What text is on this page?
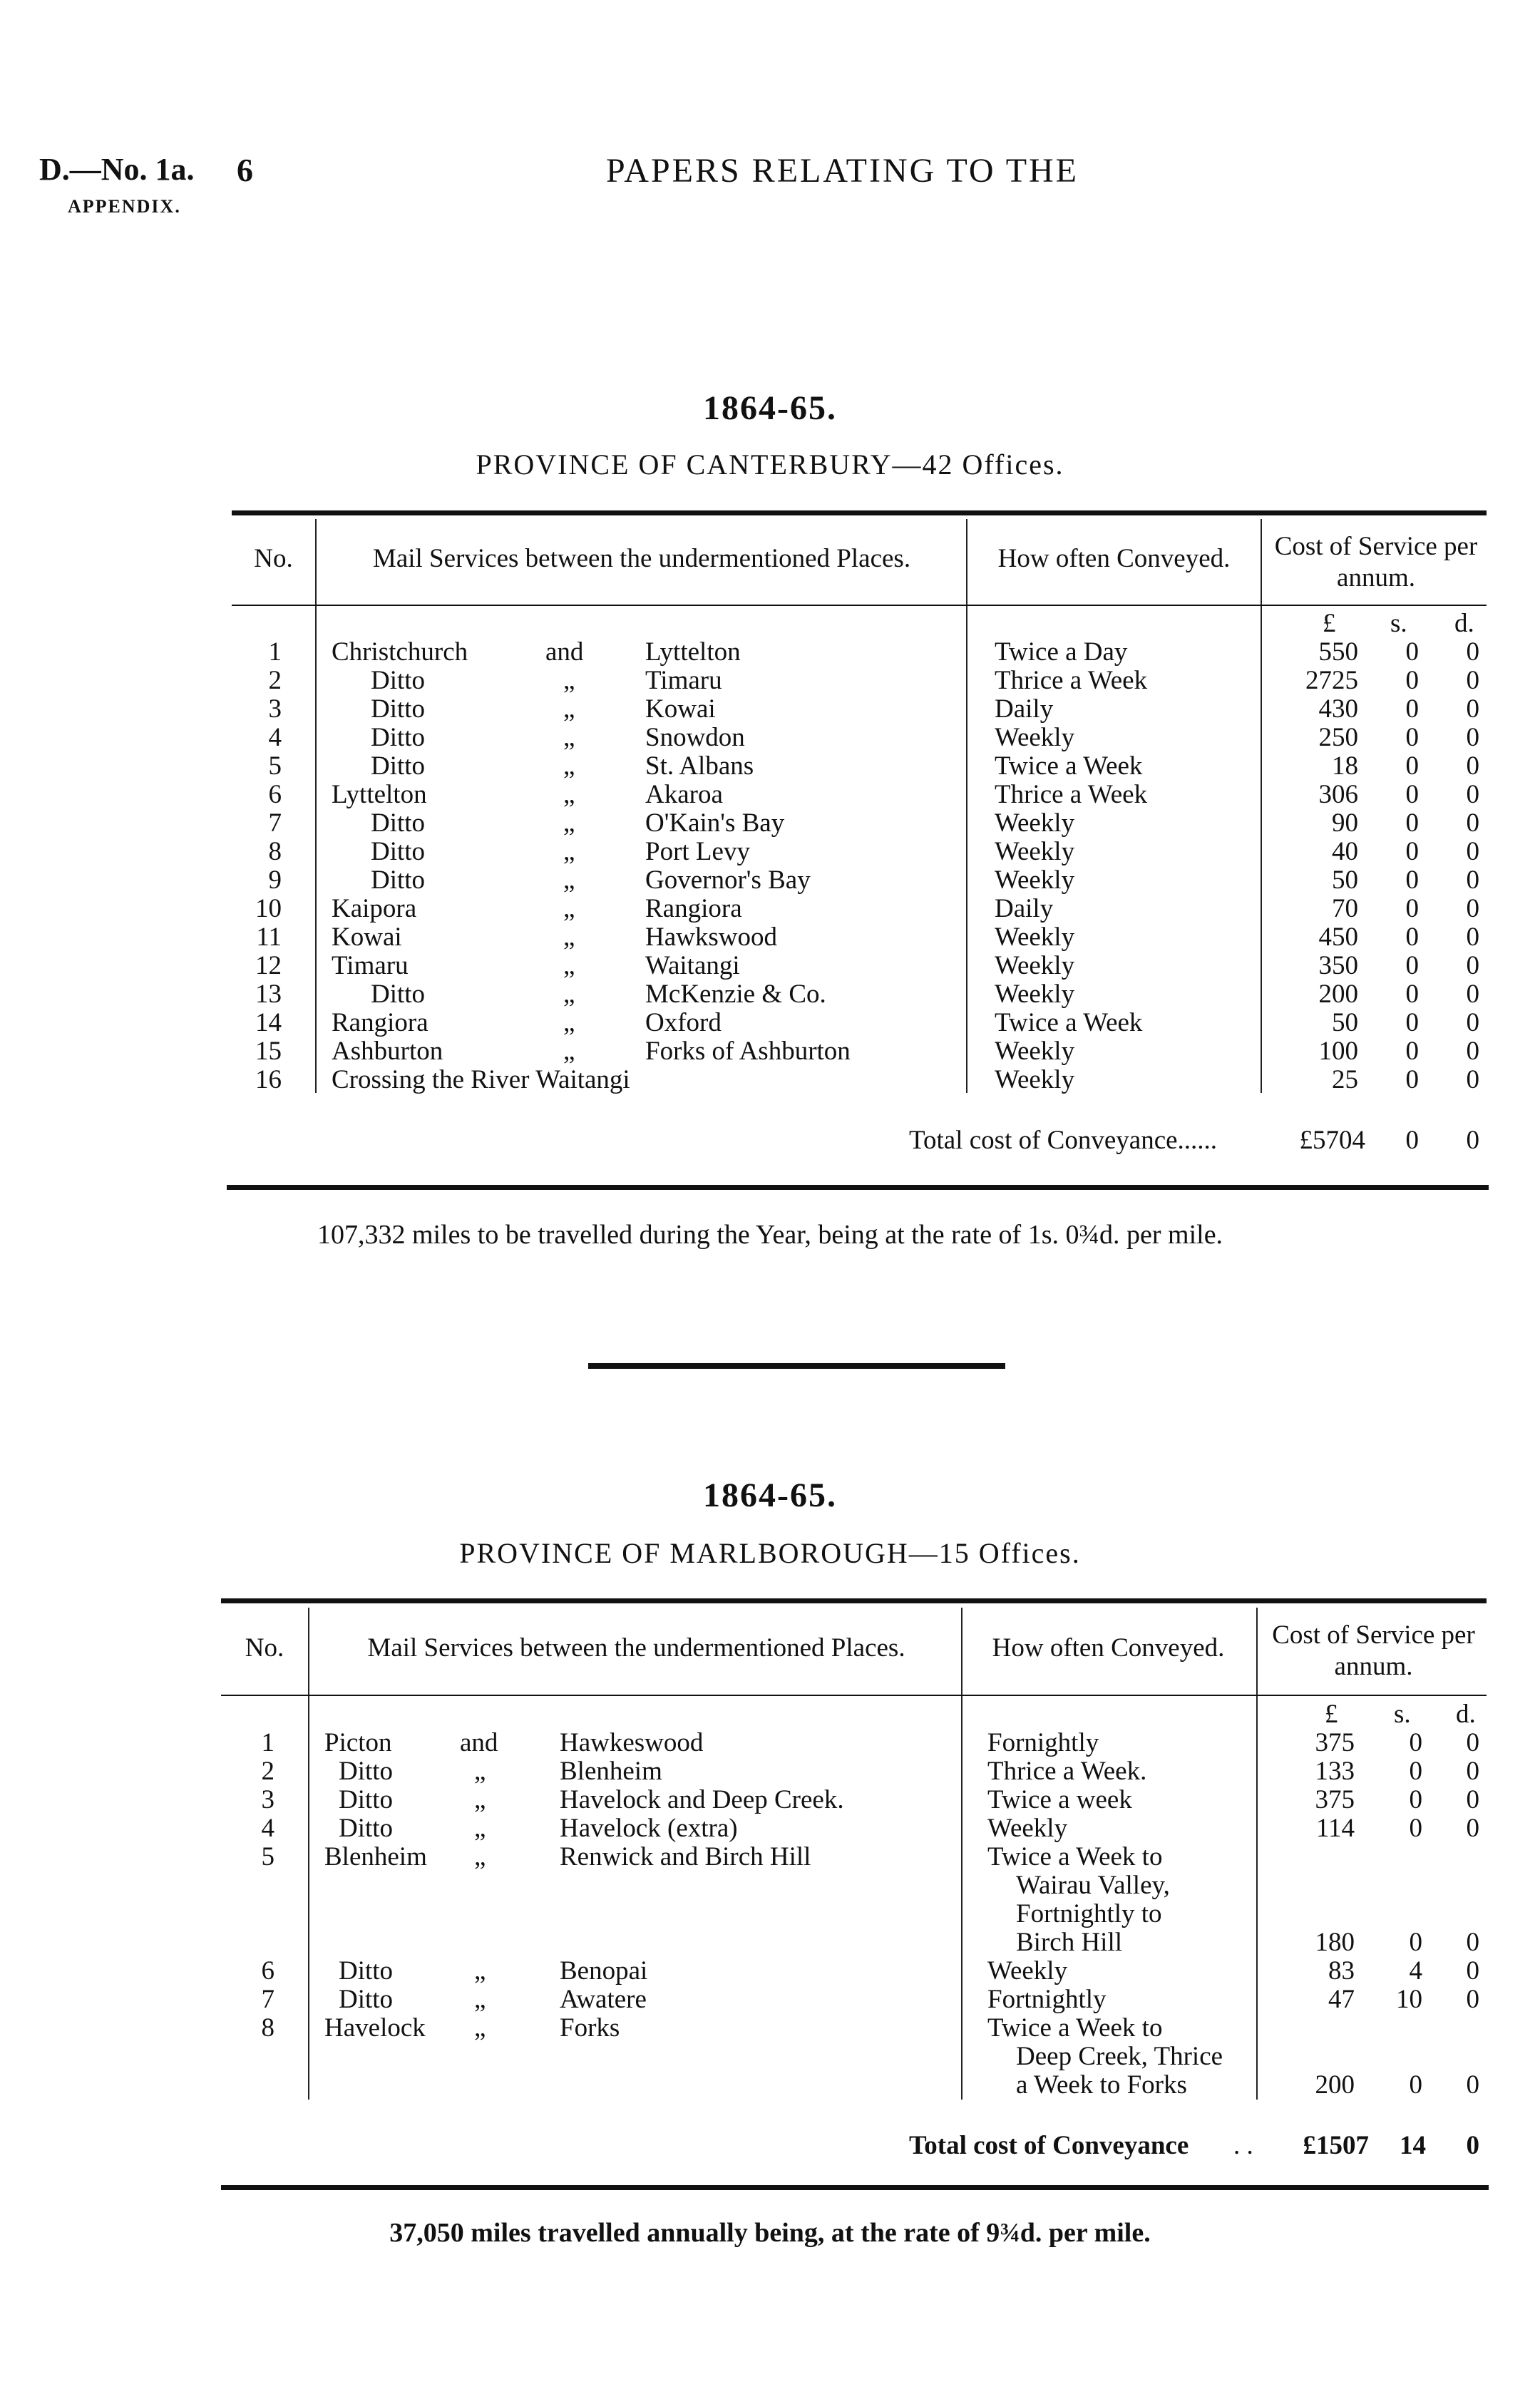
D.—No. 1a. 6	PAPERS RELATING TO THE
APPENDIX.
1864-65.
PROVINCE OF CANTERBURY—42 Offices.
No.	Mail Services between the undermentioned Places.	How often Conveyed.	Cost of Service per annum.
£ s. d.
1 Christchurch	and Lyttelton	Twice a Day	550	0	0
2	Ditto	„	Timaru	Thrice a Week	2725	0	0
3	Ditto	„	Kowai	Daily	430	0	0
4	Ditto	„	Snowdon	Weekly	250	0	0
5	Ditto	„	St. Albans	Twice a Week	18	0	0
6 Lyttelton	„	Akaroa	Thrice a Week	306	0	0
7	Ditto	„	O'Kain's Bay	Weekly	90	0	0
8	Ditto	„	Port Levy	Weekly	40	0	0
9	Ditto	„	Governor's Bay	Weekly	50	0	0
10 Kaipora	„	Rangiora	Daily	70	0	0
11 Kowai	„	Hawkswood	Weekly	450	0	0
12 Timaru	„	Waitangi	Weekly	350	0	0
13	Ditto	„	McKenzie & Co.	Weekly	200	0	0
14 Rangiora	„	Oxford	Twice a Week	50	0	0
15 Ashburton	„	Forks of Ashburton	Weekly	100	0	0
16 Crossing the River Waitangi	Weekly	25	0	0
Total cost of Conveyance......	£5704	0	0
107,332 miles to be travelled during the Year, being at the rate of 1s. 0¾d. per mile.
1864-65.
PROVINCE OF MARLBOROUGH—15 Offices.
No.	Mail Services between the undermentioned Places.	How often Conveyed.	Cost of Service per annum.
£ s. d.
1 Picton	and Hawkeswood	Fornightly	375	0	0
2 Ditto	„	Blenheim	Thrice a Week.	133	0	0
3 Ditto	„	Havelock and Deep Creek.	Twice a week	375	0	0
4 Ditto	„	Havelock (extra)	Weekly	114	0	0
5 Blenheim „	Renwick and Birch Hill	Twice a Week to
Wairau Valley,
Fortnightly to
Birch Hill	180	0	0
6 Ditto	„	Benopai	Weekly	83	4	0
7 Ditto	„	Awatere	Fortnightly	47	10	0
8 Havelock „	Forks	Twice a Week to
Deep Creek, Thrice
a Week to Forks	200	0	0
Total cost of Conveyance . .	£1507	14	0
37,050 miles travelled annually being, at the rate of 9¾d. per mile.
